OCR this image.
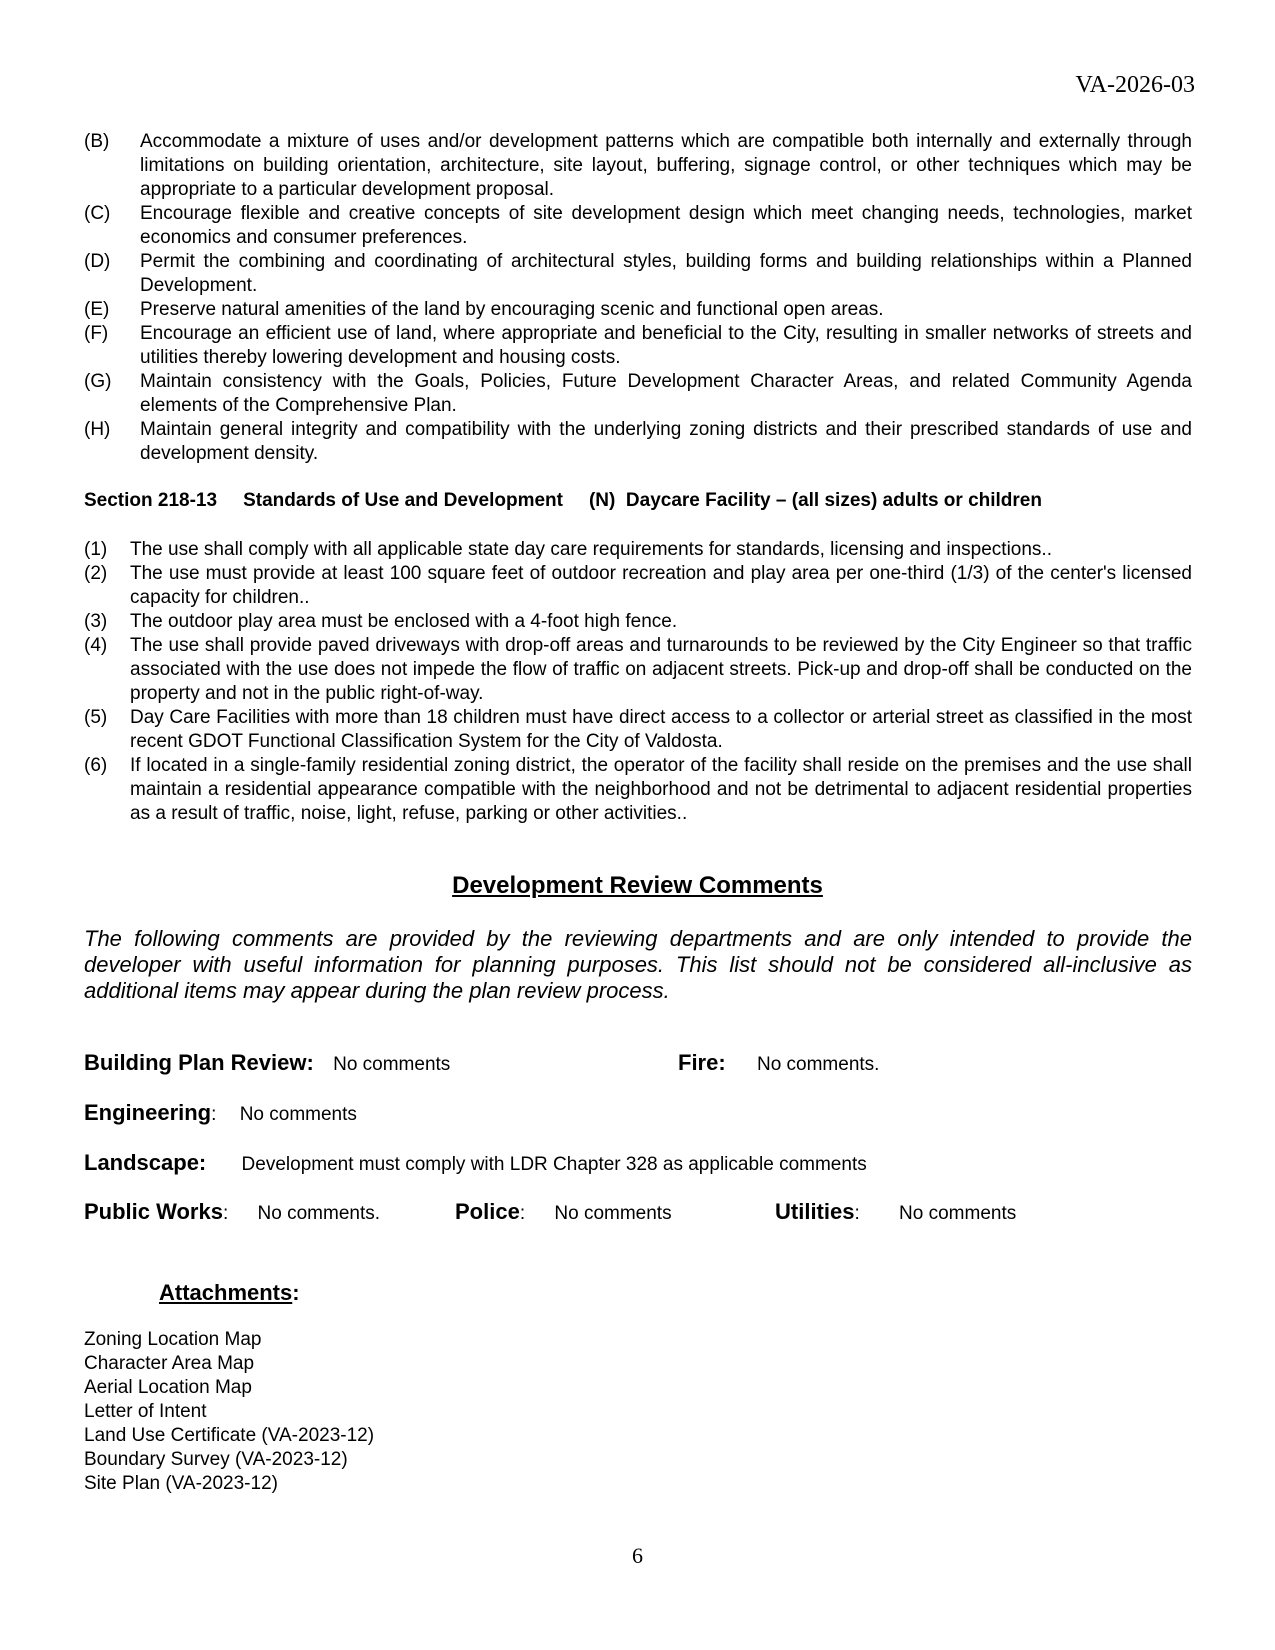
VA-2026-03
(B)	Accommodate a mixture of uses and/or development patterns which are compatible both internally and externally through limitations on building orientation, architecture, site layout, buffering, signage control, or other techniques which may be appropriate to a particular development proposal.
(C)	Encourage flexible and creative concepts of site development design which meet changing needs, technologies, market economics and consumer preferences.
(D)	Permit the combining and coordinating of architectural styles, building forms and building relationships within a Planned Development.
(E)	Preserve natural amenities of the land by encouraging scenic and functional open areas.
(F)	Encourage an efficient use of land, where appropriate and beneficial to the City, resulting in smaller networks of streets and utilities thereby lowering development and housing costs.
(G)	Maintain consistency with the Goals, Policies, Future Development Character Areas, and related Community Agenda elements of the Comprehensive Plan.
(H)	Maintain general integrity and compatibility with the underlying zoning districts and their prescribed standards of use and development density.
Section 218-13 Standards of Use and Development (N)  Daycare Facility – (all sizes) adults or children
(1)	The use shall comply with all applicable state day care requirements for standards, licensing and inspections..
(2)	The use must provide at least 100 square feet of outdoor recreation and play area per one-third (1/3) of the center's licensed capacity for children..
(3)	The outdoor play area must be enclosed with a 4-foot high fence.
(4)	The use shall provide paved driveways with drop-off areas and turnarounds to be reviewed by the City Engineer so that traffic associated with the use does not impede the flow of traffic on adjacent streets. Pick-up and drop-off shall be conducted on the property and not in the public right-of-way.
(5)	Day Care Facilities with more than 18 children must have direct access to a collector or arterial street as classified in the most recent GDOT Functional Classification System for the City of Valdosta.
(6)	If located in a single-family residential zoning district, the operator of the facility shall reside on the premises and the use shall maintain a residential appearance compatible with the neighborhood and not be detrimental to adjacent residential properties as a result of traffic, noise, light, refuse, parking or other activities..
Development Review Comments
The following comments are provided by the reviewing departments and are only intended to provide the developer with useful information for planning purposes. This list should not be considered all-inclusive as additional items may appear during the plan review process.
Building Plan Review: No comments	Fire: No comments.
Engineering: No comments
Landscape: Development must comply with LDR Chapter 328 as applicable comments
Public Works: No comments.	Police: No comments	Utilities: No comments
Attachments:
Zoning Location Map
Character Area Map
Aerial Location Map
Letter of Intent
Land Use Certificate (VA-2023-12)
Boundary Survey (VA-2023-12)
Site Plan (VA-2023-12)
6
